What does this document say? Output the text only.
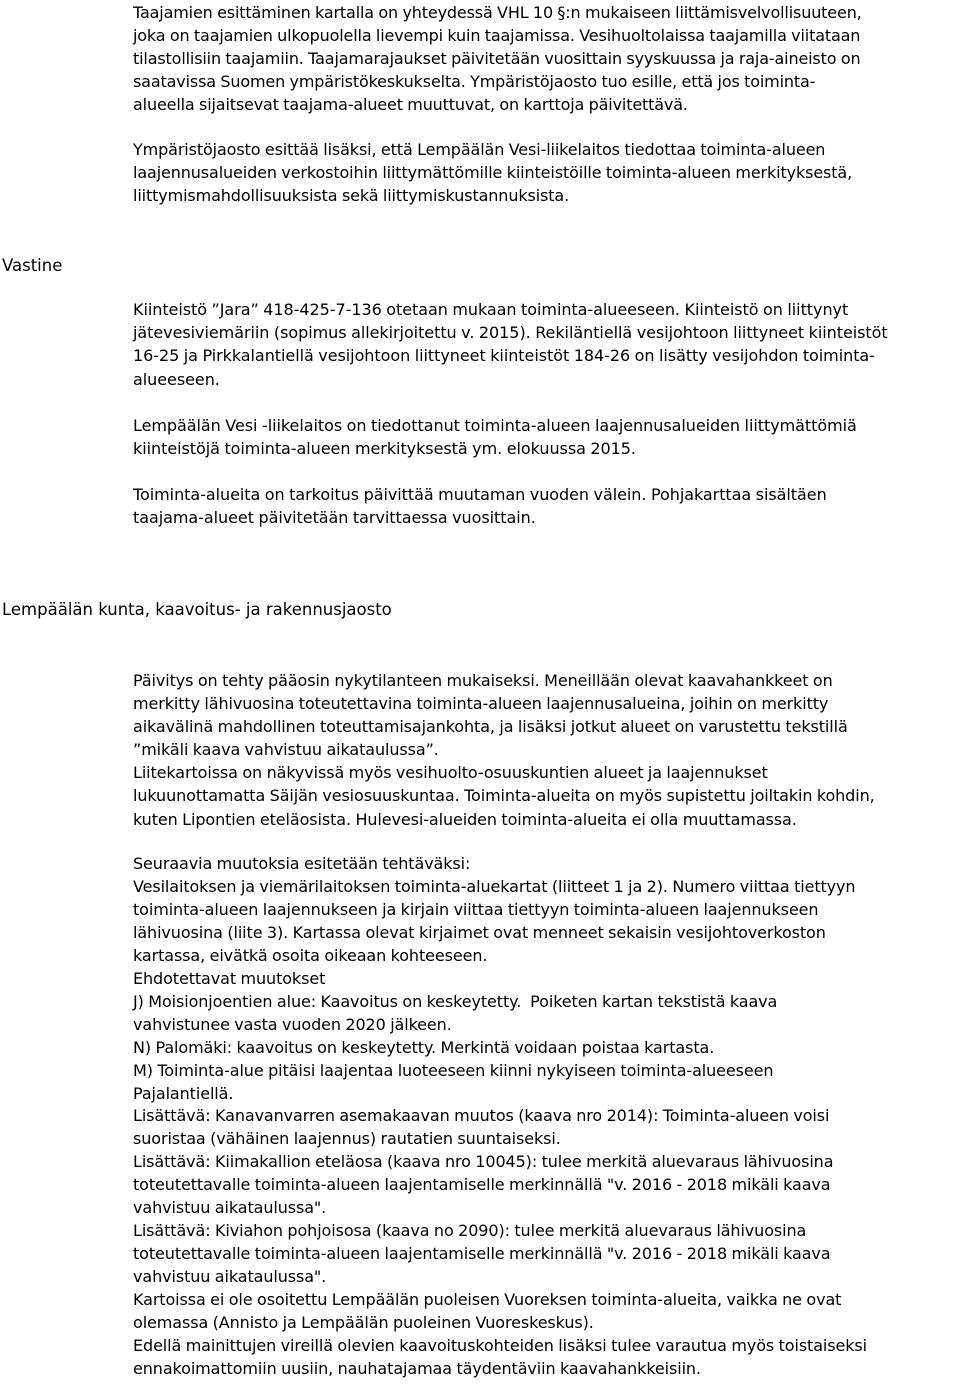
Taajamien esittäminen kartalla on yhteydessä VHL 10 §:n mukaiseen liittämisvelvollisuuteen,
joka on taajamien ulkopuolella lievempi kuin taajamissa. Vesihuoltolaissa taajamilla viitataan
tilastollisiin taajamiin. Taajamarajaukset päivitetään vuosittain syyskuussa ja raja-aineisto on
saatavissa Suomen ympäristökeskukselta. Ympäristöjaosto tuo esille, että jos toiminta-
alueella sijaitsevat taajama-alueet muuttuvat, on karttoja päivitettävä.

Ympäristöjaosto esittää lisäksi, että Lempäälän Vesi-liikelaitos tiedottaa toiminta-alueen
laajennusalueiden verkostoihin liittymättömille kiinteistöille toiminta-alueen merkityksestä,
liittymismahdollisuuksista sekä liittymiskustannuksista.

Vastine

Kiinteistö ”Jara” 418-425-7-136 otetaan mukaan toiminta-alueeseen. Kiinteistö on liittynyt
jätevesiviemäriin (sopimus allekirjoitettu v. 2015). Rekiläntiellä vesijohtoon liittyneet kiinteistöt
16-25 ja Pirkkalantiellä vesijohtoon liittyneet kiinteistöt 184-26 on lisätty vesijohdon toiminta-
alueeseen.

Lempäälän Vesi -liikelaitos on tiedottanut toiminta-alueen laajennusalueiden liittymättömiä
kiinteistöjä toiminta-alueen merkityksestä ym. elokuussa 2015.

Toiminta-alueita on tarkoitus päivittää muutaman vuoden välein. Pohjakarttaa sisältäen
taajama-alueet päivitetään tarvittaessa vuosittain.

Lempäälän kunta, kaavoitus- ja rakennusjaosto

Päivitys on tehty pääosin nykytilanteen mukaiseksi. Meneillään olevat kaavahankkeet on
merkitty lähivuosina toteutettavina toiminta-alueen laajennusalueina, joihin on merkitty
aikavälinä mahdollinen toteuttamisajankohta, ja lisäksi jotkut alueet on varustettu tekstillä
”mikäli kaava vahvistuu aikataulussa”.
Liitekartoissa on näkyvissä myös vesihuolto-osuuskuntien alueet ja laajennukset
lukuunottamatta Säijän vesiosuuskuntaa. Toiminta-alueita on myös supistettu joiltakin kohdin,
kuten Lipontien eteläosista. Hulevesi-alueiden toiminta-alueita ei olla muuttamassa.

Seuraavia muutoksia esitetään tehtäväksi:
Vesilaitoksen ja viemärilaitoksen toiminta-aluekartat (liitteet 1 ja 2). Numero viittaa tiettyyn
toiminta-alueen laajennukseen ja kirjain viittaa tiettyyn toiminta-alueen laajennukseen
lähivuosina (liite 3). Kartassa olevat kirjaimet ovat menneet sekaisin vesijohtoverkoston
kartassa, eivätkä osoita oikeaan kohteeseen.
Ehdotettavat muutokset
J) Moisionjoentien alue: Kaavoitus on keskeytetty.  Poiketen kartan tekstistä kaava
vahvistunee vasta vuoden 2020 jälkeen.
N) Palomäki: kaavoitus on keskeytetty. Merkintä voidaan poistaa kartasta.
M) Toiminta-alue pitäisi laajentaa luoteeseen kiinni nykyiseen toiminta-alueeseen
Pajalantiellä.
Lisättävä: Kanavanvarren asemakaavan muutos (kaava nro 2014): Toiminta-alueen voisi
suoristaa (vähäinen laajennus) rautatien suuntaiseksi.
Lisättävä: Kiimakallion eteläosa (kaava nro 10045): tulee merkitä aluevaraus lähivuosina
toteutettavalle toiminta-alueen laajentamiselle merkinnällä "v. 2016 - 2018 mikäli kaava
vahvistuu aikataulussa".
Lisättävä: Kiviahon pohjoisosa (kaava no 2090): tulee merkitä aluevaraus lähivuosina
toteutettavalle toiminta-alueen laajentamiselle merkinnällä "v. 2016 - 2018 mikäli kaava
vahvistuu aikataulussa".
Kartoissa ei ole osoitettu Lempäälän puoleisen Vuoreksen toiminta-alueita, vaikka ne ovat
olemassa (Annisto ja Lempäälän puoleinen Vuoreskeskus).
Edellä mainittujen vireillä olevien kaavoituskohteiden lisäksi tulee varautua myös toistaiseksi
ennakoimattomiin uusiin, nauhatajamaa täydentäviin kaavahankkeisiin.
